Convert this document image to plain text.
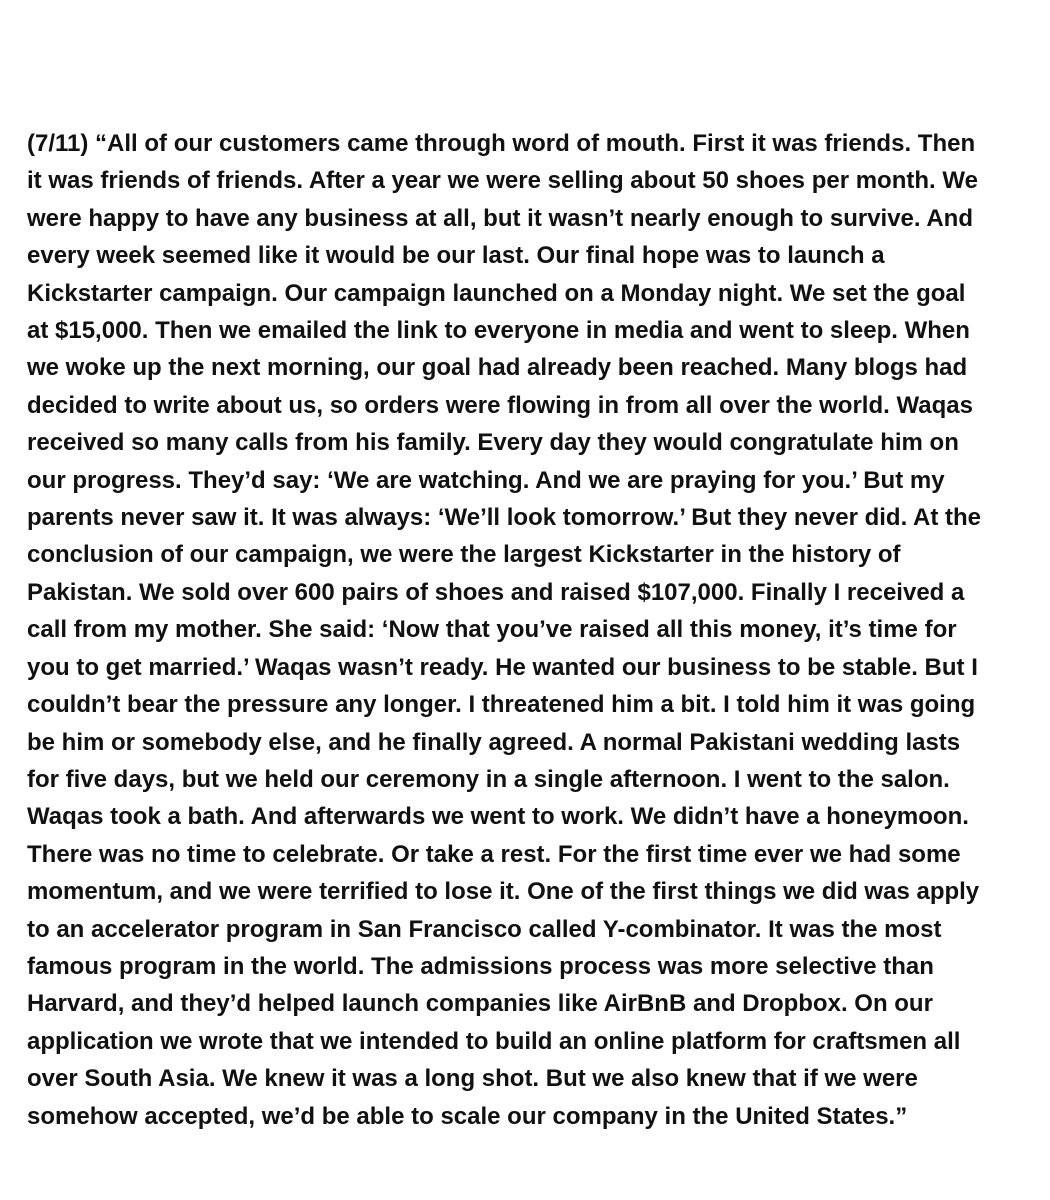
(7/11) “All of our customers came through word of mouth. First it was friends. Then
it was friends of friends. After a year we were selling about 50 shoes per month. We
were happy to have any business at all, but it wasn’t nearly enough to survive. And
every week seemed like it would be our last. Our final hope was to launch a
Kickstarter campaign. Our campaign launched on a Monday night. We set the goal
at $15,000. Then we emailed the link to everyone in media and went to sleep. When
we woke up the next morning, our goal had already been reached. Many blogs had
decided to write about us, so orders were flowing in from all over the world. Waqas
received so many calls from his family. Every day they would congratulate him on
our progress. They’d say: ‘We are watching. And we are praying for you.’ But my
parents never saw it. It was always: ‘We’ll look tomorrow.’ But they never did. At the
conclusion of our campaign, we were the largest Kickstarter in the history of
Pakistan. We sold over 600 pairs of shoes and raised $107,000. Finally I received a
call from my mother. She said: ‘Now that you’ve raised all this money, it’s time for
you to get married.’ Waqas wasn’t ready. He wanted our business to be stable. But I
couldn’t bear the pressure any longer. I threatened him a bit. I told him it was going
be him or somebody else, and he finally agreed. A normal Pakistani wedding lasts
for five days, but we held our ceremony in a single afternoon. I went to the salon.
Waqas took a bath. And afterwards we went to work. We didn’t have a honeymoon.
There was no time to celebrate. Or take a rest. For the first time ever we had some
momentum, and we were terrified to lose it. One of the first things we did was apply
to an accelerator program in San Francisco called Y-combinator. It was the most
famous program in the world. The admissions process was more selective than
Harvard, and they’d helped launch companies like AirBnB and Dropbox. On our
application we wrote that we intended to build an online platform for craftsmen all
over South Asia. We knew it was a long shot. But we also knew that if we were
somehow accepted, we’d be able to scale our company in the United States.”
